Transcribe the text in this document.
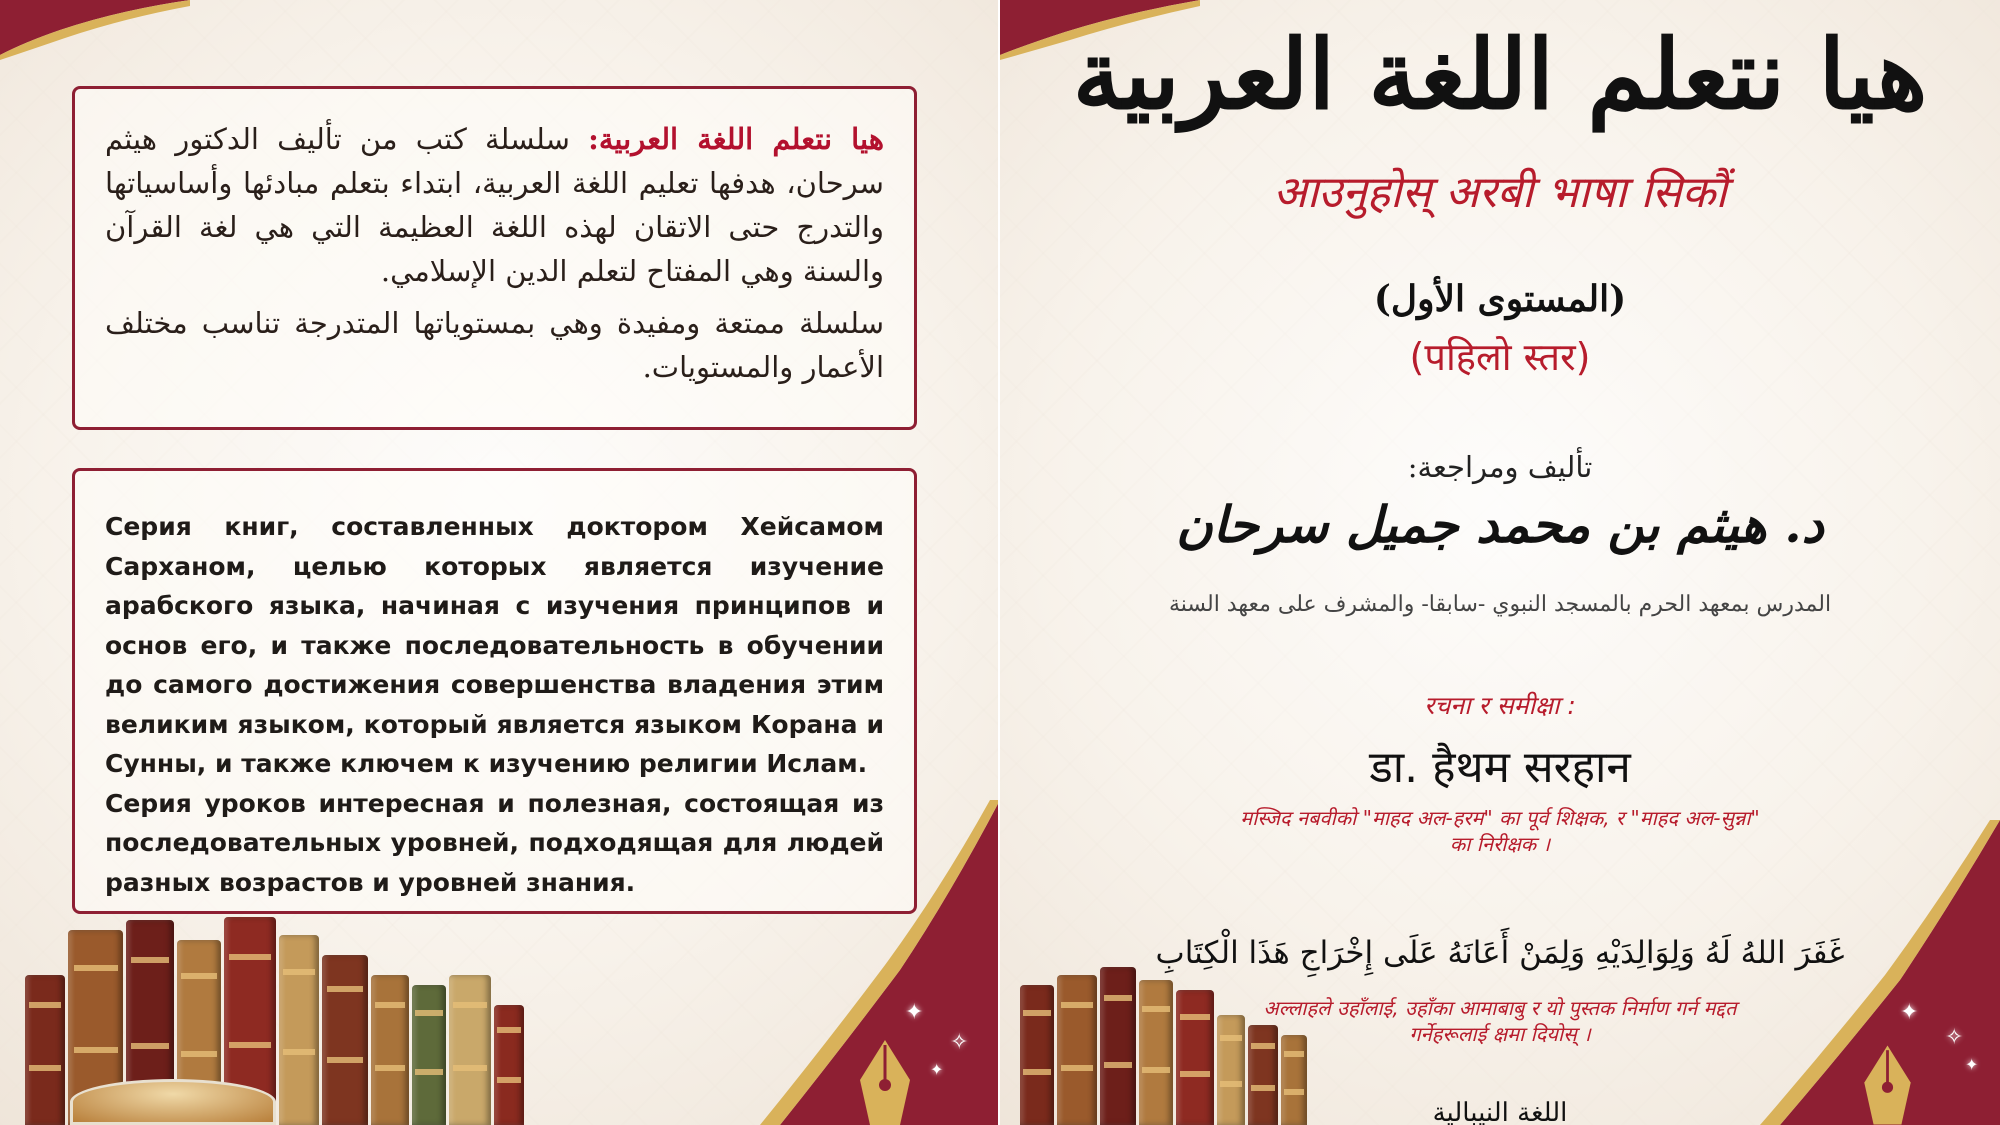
هيا نتعلم اللغة العربية: سلسلة كتب من تأليف الدكتور هيثم سرحان، هدفها تعليم اللغة العربية، ابتداء بتعلم مبادئها وأساسياتها والتدرج حتى الاتقان لهذه اللغة العظيمة التي هي لغة القرآن والسنة وهي المفتاح لتعلم الدين الإسلامي.

سلسلة ممتعة ومفيدة وهي بمستوياتها المتدرجة تناسب مختلف الأعمار والمستويات.

Серия книг, составленных доктором Хейсамом Сарханом, целью которых является изучение арабского языка, начиная с изучения принципов и основ его, и также последовательность в обучении до самого достижения совершенства владения этим великим языком, который является языком Корана и Сунны, и также ключем к изучению религии Ислам.

Серия уроков интересная и полезная, состоящая из последовательных уровней, подходящая для людей разных возрастов и уровней знания.

✦
✧
✦
هيا نتعلم اللغة العربية
आउनुहोस् अरबी भाषा सिकौं
(المستوى الأول)
(पहिलो स्तर)
تأليف ومراجعة:
د. هيثم بن محمد جميل سرحان
المدرس بمعهد الحرم بالمسجد النبوي -سابقا- والمشرف على معهد السنة
रचना र समीक्षा :
डा. हैथम सरहान
मस्जिद नबवीको "माहद अल-हरम" का पूर्व शिक्षक, र "माहद अल-सुन्ना" का निरीक्षक ।
غَفَرَ اللهُ لَهُ وَلِوَالِدَيْهِ وَلِمَنْ أَعَانَهُ عَلَى إِخْرَاجِ هَذَا الْكِتَابِ
अल्लाहले उहाँलाई, उहाँका आमाबाबु र यो पुस्तक निर्माण गर्न मद्दत गर्नेहरूलाई क्षमा दियोस् ।
اللغة النيبالية
✦
✧
✦
